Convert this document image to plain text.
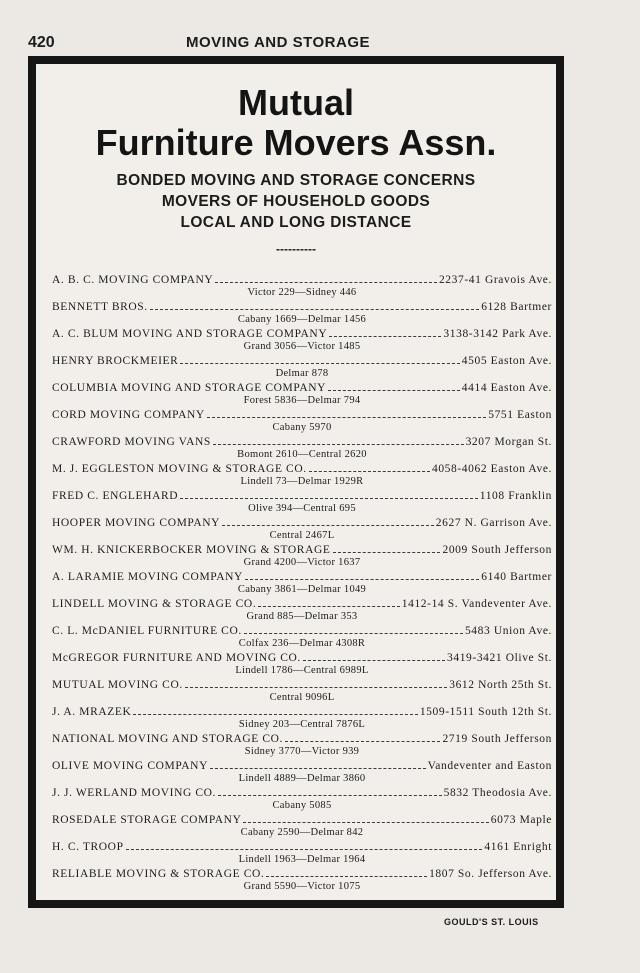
420	MOVING AND STORAGE
Mutual
Furniture Movers Assn.
BONDED MOVING AND STORAGE CONCERNS
MOVERS OF HOUSEHOLD GOODS
LOCAL AND LONG DISTANCE
----------
A. B. C. MOVING COMPANY	2237-41 Gravois Ave.
Victor 229—Sidney 446
BENNETT BROS.	6128 Bartmer
Cabany 1669—Delmar 1456
A. C. BLUM MOVING AND STORAGE COMPANY	3138-3142 Park Ave.
Grand 3056—Victor 1485
HENRY BROCKMEIER	4505 Easton Ave.
Delmar 878
COLUMBIA MOVING AND STORAGE COMPANY	4414 Easton Ave.
Forest 5836—Delmar 794
CORD MOVING COMPANY	5751 Easton
Cabany 5970
CRAWFORD MOVING VANS	3207 Morgan St.
Bomont 2610—Central 2620
M. J. EGGLESTON MOVING & STORAGE CO.	4058-4062 Easton Ave.
Lindell 73—Delmar 1929R
FRED C. ENGLEHARD	1108 Franklin
Olive 394—Central 695
HOOPER MOVING COMPANY	2627 N. Garrison Ave.
Central 2467L
WM. H. KNICKERBOCKER MOVING & STORAGE	2009 South Jefferson
Grand 4200—Victor 1637
A. LARAMIE MOVING COMPANY	6140 Bartmer
Cabany 3861—Delmar 1049
LINDELL MOVING & STORAGE CO.	1412-14 S. Vandeventer Ave.
Grand 885—Delmar 353
C. L. McDANIEL FURNITURE CO.	5483 Union Ave.
Colfax 236—Delmar 4308R
McGREGOR FURNITURE AND MOVING CO.	3419-3421 Olive St.
Lindell 1786—Central 6989L
MUTUAL MOVING CO.	3612 North 25th St.
Central 9096L
J. A. MRAZEK	1509-1511 South 12th St.
Sidney 203—Central 7876L
NATIONAL MOVING AND STORAGE CO.	2719 South Jefferson
Sidney 3770—Victor 939
OLIVE MOVING COMPANY	Vandeventer and Easton
Lindell 4889—Delmar 3860
J. J. WERLAND MOVING CO.	5832 Theodosia Ave.
Cabany 5085
ROSEDALE STORAGE COMPANY	6073 Maple
Cabany 2590—Delmar 842
H. C. TROOP	4161 Enright
Lindell 1963—Delmar 1964
RELIABLE MOVING & STORAGE CO.	1807 So. Jefferson Ave.
Grand 5590—Victor 1075
GOULD'S ST. LOUIS
